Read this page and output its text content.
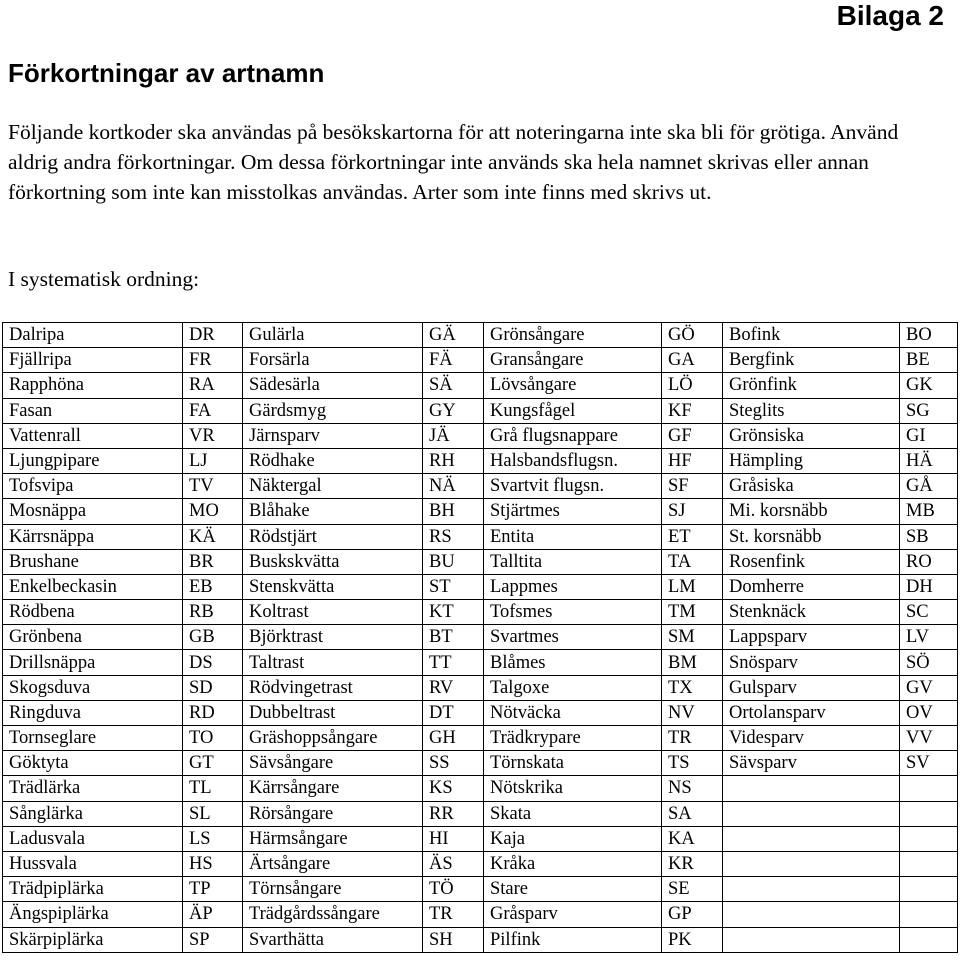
Bilaga 2
Förkortningar av artnamn

Följande kortkoder ska användas på besökskartorna för att noteringarna inte ska bli för grötiga. Använd aldrig andra förkortningar. Om dessa förkortningar inte används ska hela namnet skrivas eller annan förkortning som inte kan misstolkas användas. Arter som inte finns med skrivs ut.

I systematisk ordning:

Dalripa	DR	Gulärla	GÄ	Grönsångare	GÖ	Bofink	BO
Fjällripa	FR	Forsärla	FÄ	Gransångare	GA	Bergfink	BE
Rapphöna	RA	Sädesärla	SÄ	Lövsångare	LÖ	Grönfink	GK
Fasan	FA	Gärdsmyg	GY	Kungsfågel	KF	Steglits	SG
Vattenrall	VR	Järnsparv	JÄ	Grå flugsnappare	GF	Grönsiska	GI
Ljungpipare	LJ	Rödhake	RH	Halsbandsflugsn.	HF	Hämpling	HÄ
Tofsvipa	TV	Näktergal	NÄ	Svartvit flugsn.	SF	Gråsiska	GÅ
Mosnäppa	MO	Blåhake	BH	Stjärtmes	SJ	Mi. korsnäbb	MB
Kärrsnäppa	KÄ	Rödstjärt	RS	Entita	ET	St. korsnäbb	SB
Brushane	BR	Buskskvätta	BU	Talltita	TA	Rosenfink	RO
Enkelbeckasin	EB	Stenskvätta	ST	Lappmes	LM	Domherre	DH
Rödbena	RB	Koltrast	KT	Tofsmes	TM	Stenknäck	SC
Grönbena	GB	Björktrast	BT	Svartmes	SM	Lappsparv	LV
Drillsnäppa	DS	Taltrast	TT	Blåmes	BM	Snösparv	SÖ
Skogsduva	SD	Rödvingetrast	RV	Talgoxe	TX	Gulsparv	GV
Ringduva	RD	Dubbeltrast	DT	Nötväcka	NV	Ortolansparv	OV
Tornseglare	TO	Gräshoppsångare	GH	Trädkrypare	TR	Videsparv	VV
Göktyta	GT	Sävsångare	SS	Törnskata	TS	Sävsparv	SV
Trädlärka	TL	Kärrsångare	KS	Nötskrika	NS		
Sånglärka	SL	Rörsångare	RR	Skata	SA		
Ladusvala	LS	Härmsångare	HI	Kaja	KA		
Hussvala	HS	Ärtsångare	ÄS	Kråka	KR		
Trädpiplärka	TP	Törnsångare	TÖ	Stare	SE		
Ängspiplärka	ÄP	Trädgårdssångare	TR	Gråsparv	GP		
Skärpiplärka	SP	Svarthätta	SH	Pilfink	PK		
